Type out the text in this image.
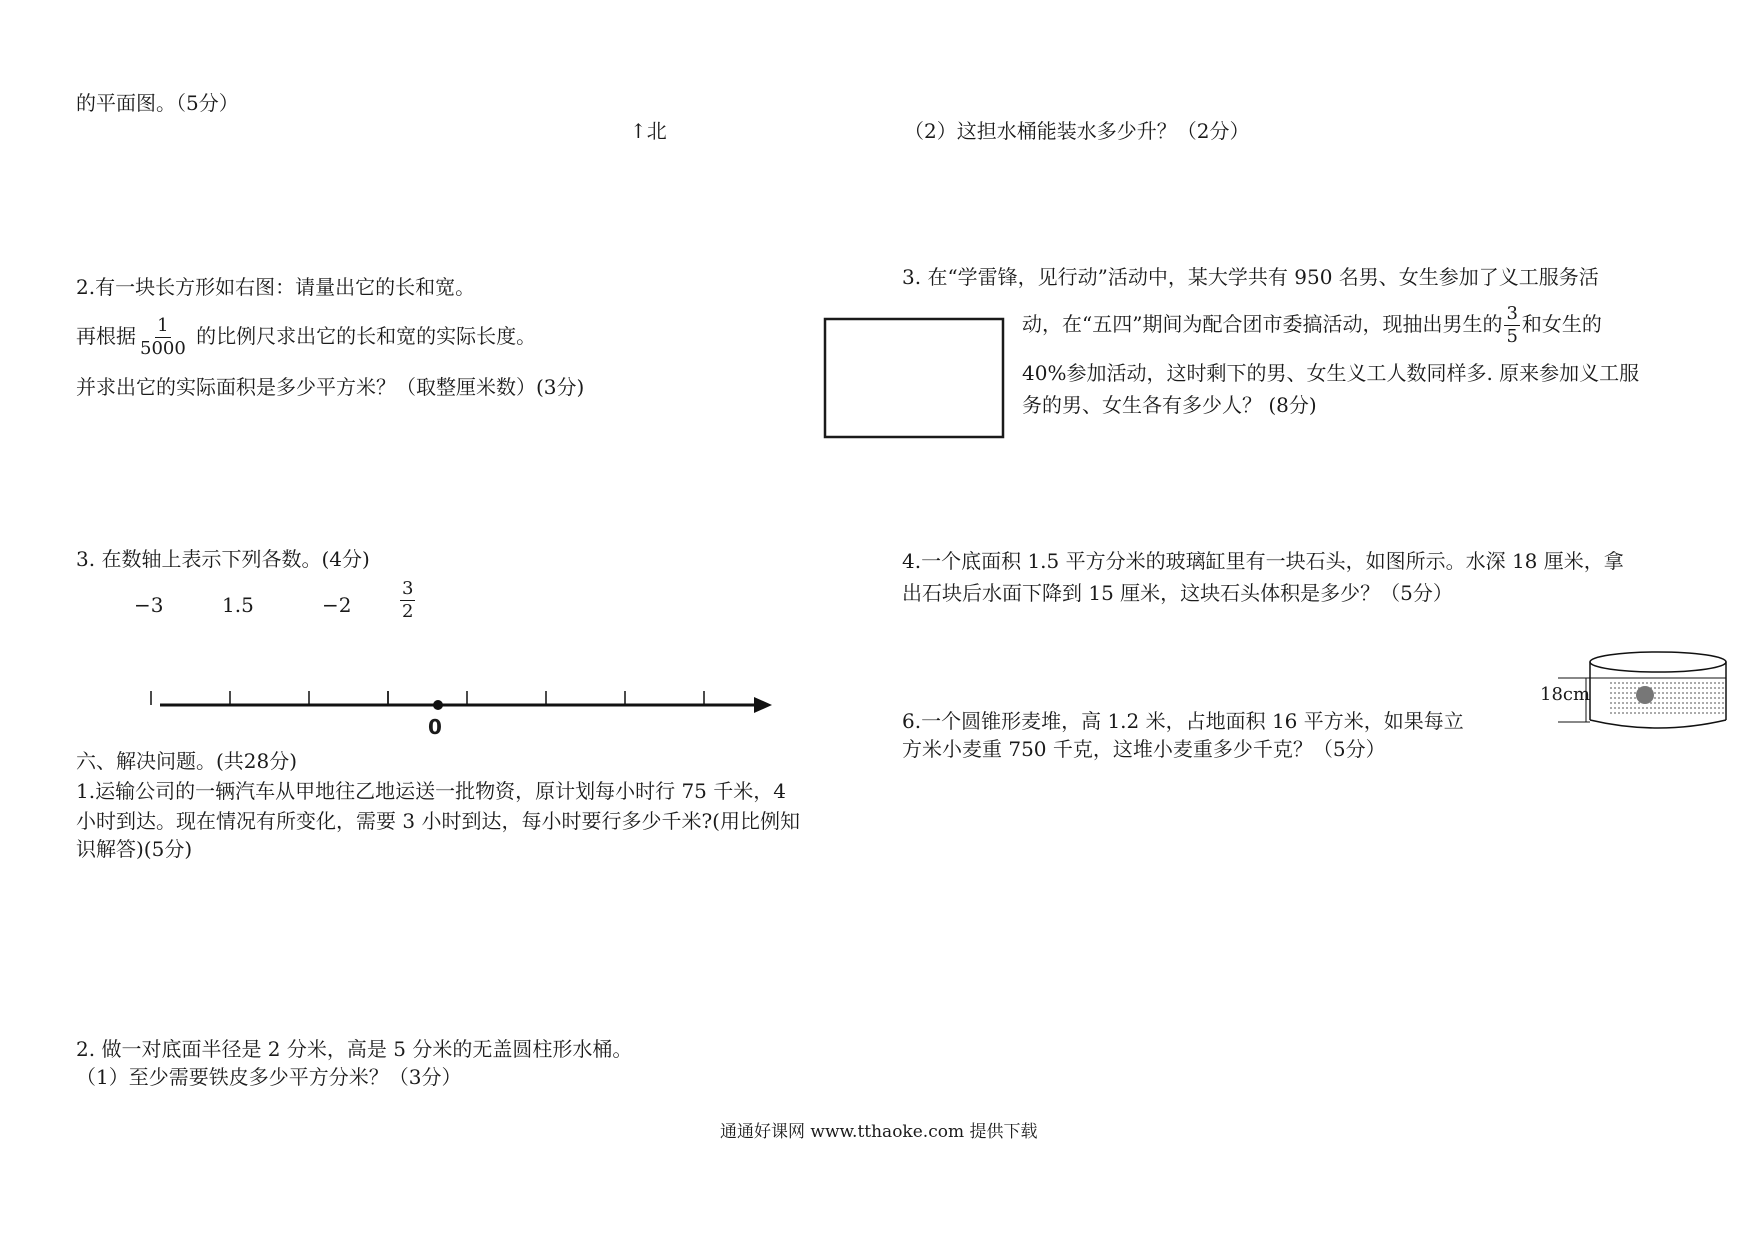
的平面图。（5分）
↑北
2.有一块长方形如右图：请量出它的长和宽。
再根据 $\frac{1}{5000}$ 的比例尺求出它的长和宽的实际长度。
并求出它的实际面积是多少平方米？（取整厘米数）(3分)
3. 在数轴上表示下列各数。(4分)
−3	1.5	−2	$\frac{3}{2}$
0
六、解决问题。(共28分)
1.运输公司的一辆汽车从甲地往乙地运送一批物资，原计划每小时行 75 千米，4
小时到达。现在情况有所变化，需要 3 小时到达，每小时要行多少千米?(用比例知
识解答)(5分)
2. 做一对底面半径是 2 分米，高是 5 分米的无盖圆柱形水桶。
（1）至少需要铁皮多少平方分米？（3分）
（2）这担水桶能装水多少升？（2分）
3. 在“学雷锋，见行动”活动中，某大学共有 950 名男、女生参加了义工服务活
动，在“五四”期间为配合团市委搞活动，现抽出男生的 $\frac{3}{5}$ 和女生的
40%参加活动，这时剩下的男、女生义工人数同样多. 原来参加义工服
务的男、女生各有多少人？ (8分)
4.一个底面积 1.5 平方分米的玻璃缸里有一块石头，如图所示。水深 18 厘米，拿
出石块后水面下降到 15 厘米，这块石头体积是多少？（5分）
6.一个圆锥形麦堆，高 1.2 米，占地面积 16 平方米，如果每立
方米小麦重 750 千克，这堆小麦重多少千克？（5分）
18cm
通通好课网 www.tthaoke.com 提供下载
